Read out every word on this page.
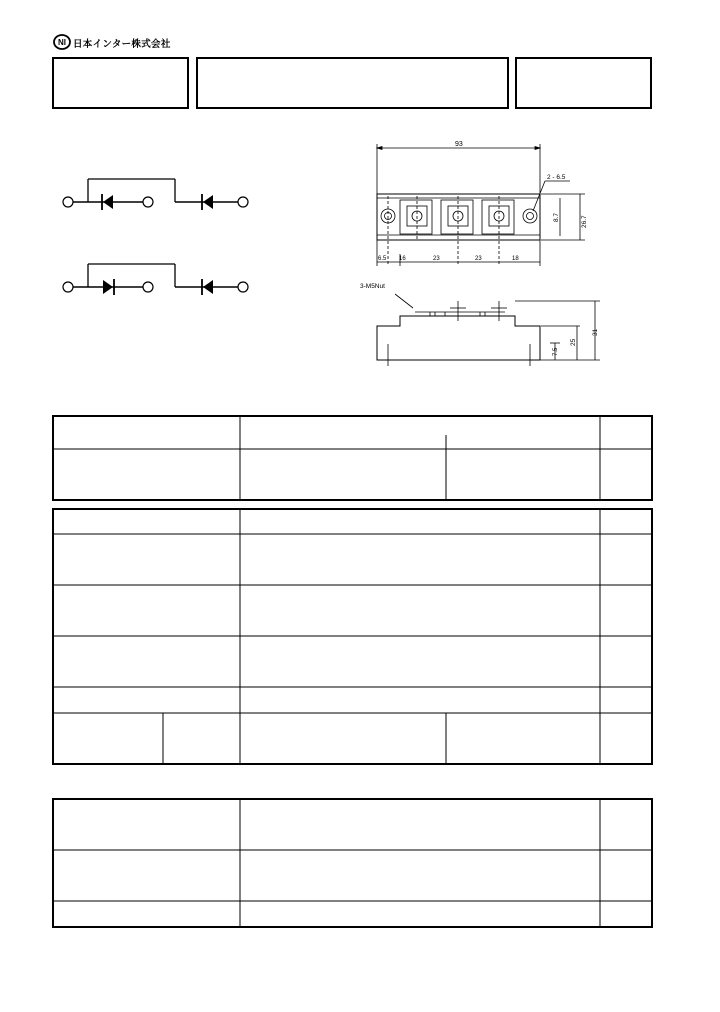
NI 日本インター株式会社
93
2 - 6.5
8.7	26.7
6.5 16	23	23	18
3-M5Nut
31
25
7.5
